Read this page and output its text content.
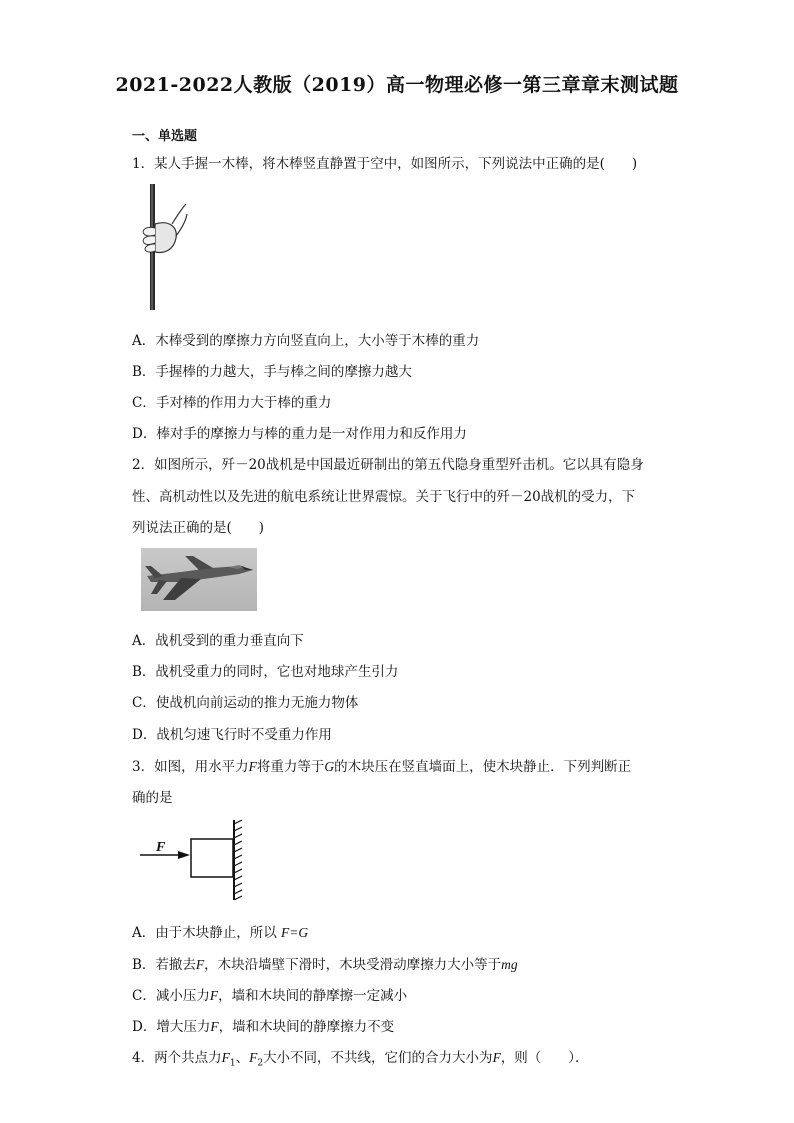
2021-2022人教版（2019）高一物理必修一第三章章末测试题
一、单选题
1．某人手握一木棒，将木棒竖直静置于空中，如图所示，下列说法中正确的是(　　)
A．木棒受到的摩擦力方向竖直向上，大小等于木棒的重力
B．手握棒的力越大，手与棒之间的摩擦力越大
C．手对棒的作用力大于棒的重力
D．棒对手的摩擦力与棒的重力是一对作用力和反作用力
2．如图所示，歼－20战机是中国最近研制出的第五代隐身重型歼击机。它以具有隐身
性、高机动性以及先进的航电系统让世界震惊。关于飞行中的歼－20战机的受力，下
列说法正确的是(　　)
A．战机受到的重力垂直向下
B．战机受重力的同时，它也对地球产生引力
C．使战机向前运动的推力无施力物体
D．战机匀速飞行时不受重力作用
3．如图，用水平力F将重力等于G的木块压在竖直墙面上，使木块静止．下列判断正
确的是
F
A．由于木块静止，所以 F=G
B．若撤去F，木块沿墙壁下滑时，木块受滑动摩擦力大小等于mg
C．减小压力F，墙和木块间的静摩擦一定减小
D．增大压力F，墙和木块间的静摩擦力不变
4．两个共点力$F_1$、$F_2$大小不同，不共线，它们的合力大小为F，则（　　）．
